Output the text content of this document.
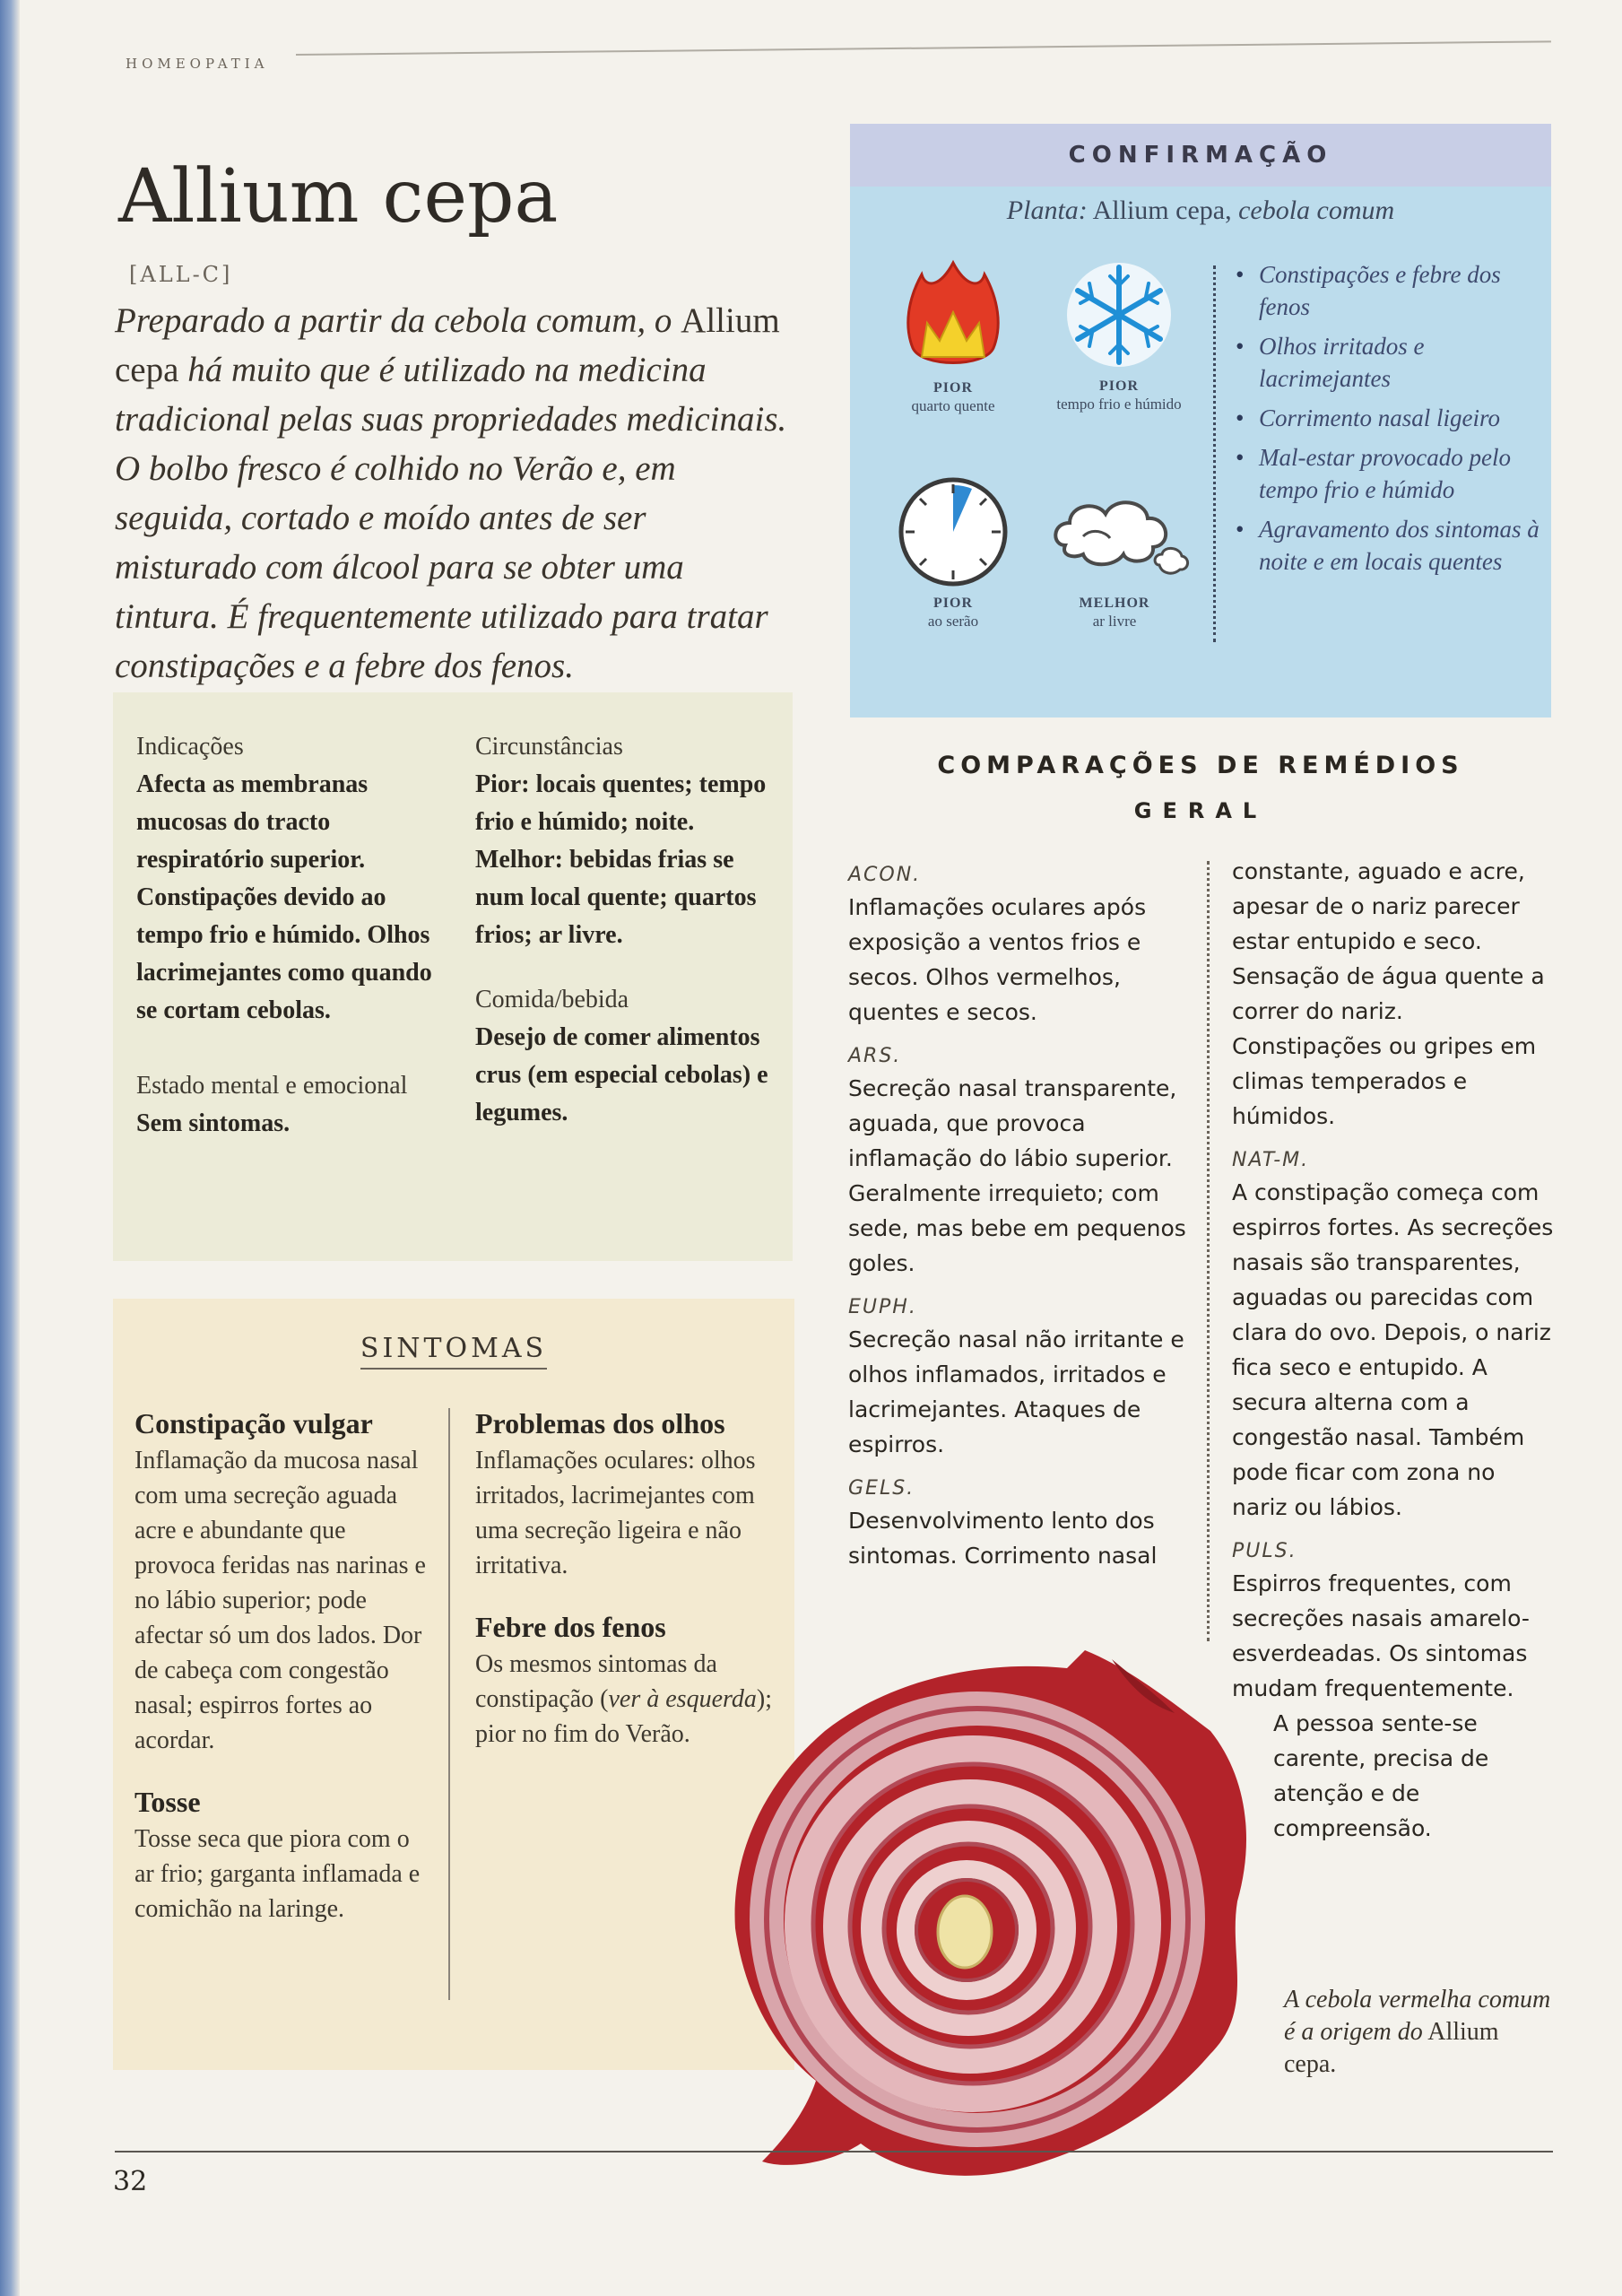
HOMEOPATIA
Allium cepa
[ALL-C]

Preparado a partir da cebola comum, o Allium cepa há muito que é utilizado na medicina tradicional pelas suas propriedades medicinais. O bolbo fresco é colhido no Verão e, em seguida, cortado e moído antes de ser misturado com álcool para se obter uma tintura. É frequentemente utilizado para tratar constipações e a febre dos fenos.

Indicações
Afecta as membranas mucosas do tracto respiratório superior. Constipações devido ao tempo frio e húmido. Olhos lacrimejantes como quando se cortam cebolas.
Estado mental e emocional
Sem sintomas.
Circunstâncias
Pior: locais quentes; tempo frio e húmido; noite.
Melhor: bebidas frias se num local quente; quartos frios; ar livre.
Comida/bebida
Desejo de comer alimentos crus (em especial cebolas) e legumes.
SINTOMAS
Constipação vulgar
Inflamação da mucosa nasal com uma secreção aguada acre e abundante que provoca feridas nas narinas e no lábio superior; pode afectar só um dos lados. Dor de cabeça com congestão nasal; espirros fortes ao acordar.
Tosse
Tosse seca que piora com o ar frio; garganta inflamada e comichão na laringe.
Problemas dos olhos
Inflamações oculares: olhos irritados, lacrimejantes com uma secreção ligeira e não irritativa.
Febre dos fenos
Os mesmos sintomas da constipação (ver à esquerda); pior no fim do Verão.
CONFIRMAÇÃO
Planta: Allium cepa, cebola comum
PIOR
quarto quente
PIOR
tempo frio e húmido
PIOR
ao serão
MELHOR
ar livre
• Constipações e febre dos fenos
• Olhos irritados e lacrimejantes
• Corrimento nasal ligeiro
• Mal-estar provocado pelo tempo frio e húmido
• Agravamento dos sintomas à noite e em locais quentes
COMPARAÇÕES DE REMÉDIOS
GERAL
ACON.
Inflamações oculares após exposição a ventos frios e secos. Olhos vermelhos, quentes e secos.
ARS.
Secreção nasal transparente, aguada, que provoca inflamação do lábio superior. Geralmente irrequieto; com sede, mas bebe em pequenos goles.
EUPH.
Secreção nasal não irritante e olhos inflamados, irritados e lacrimejantes. Ataques de espirros.
GELS.
Desenvolvimento lento dos sintomas. Corrimento nasal
constante, aguado e acre, apesar de o nariz parecer estar entupido e seco. Sensação de água quente a correr do nariz. Constipações ou gripes em climas temperados e húmidos.
NAT-M.
A constipação começa com espirros fortes. As secreções nasais são transparentes, aguadas ou parecidas com clara do ovo. Depois, o nariz fica seco e entupido. A secura alterna com a congestão nasal. Também pode ficar com zona no nariz ou lábios.
PULS.
Espirros frequentes, com secreções nasais amarelo-esverdeadas. Os sintomas mudam frequentemente.
A pessoa sente-se carente, precisa de atenção e de compreensão.
A cebola vermelha comum é a origem do Allium cepa.
32
